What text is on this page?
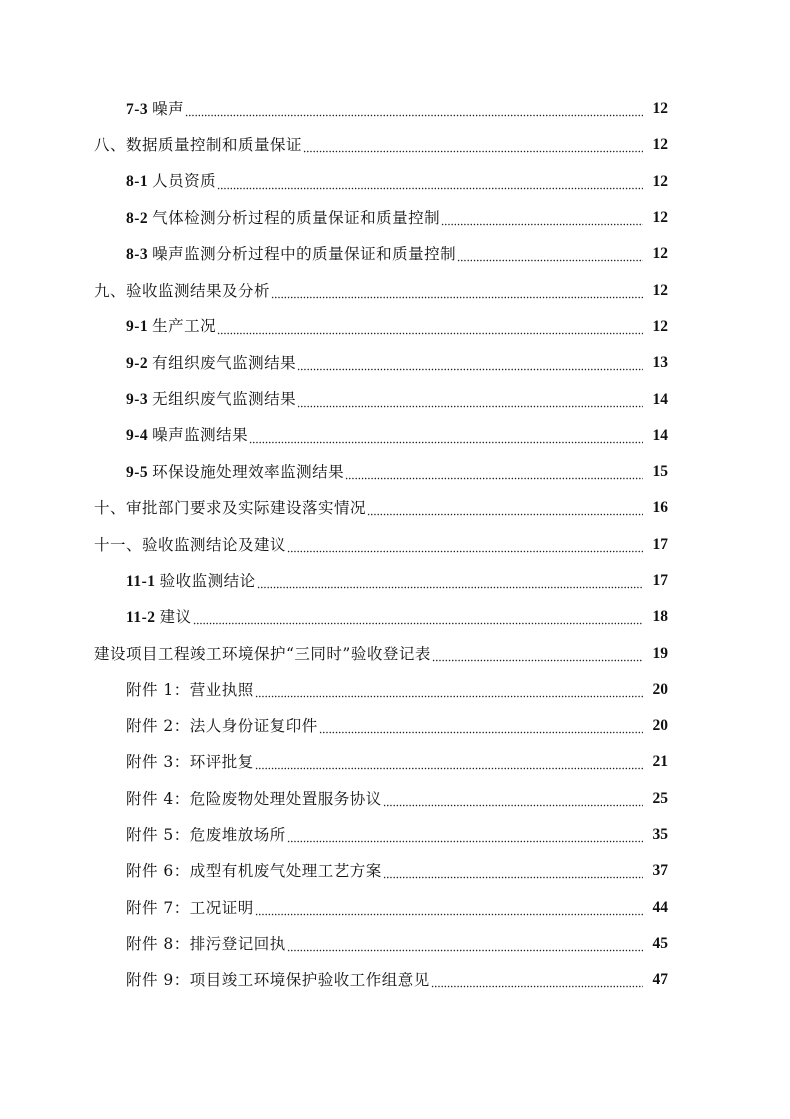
7-3 噪声	12
八、数据质量控制和质量保证	12
8-1 人员资质	12
8-2 气体检测分析过程的质量保证和质量控制	12
8-3 噪声监测分析过程中的质量保证和质量控制	12
九、验收监测结果及分析	12
9-1 生产工况	12
9-2 有组织废气监测结果	13
9-3 无组织废气监测结果	14
9-4 噪声监测结果	14
9-5 环保设施处理效率监测结果	15
十、审批部门要求及实际建设落实情况	16
十一、验收监测结论及建议	17
11-1 验收监测结论	17
11-2 建议	18
建设项目工程竣工环境保护“三同时”验收登记表	19
附件 1：营业执照	20
附件 2：法人身份证复印件	20
附件 3：环评批复	21
附件 4：危险废物处理处置服务协议	25
附件 5：危废堆放场所	35
附件 6：成型有机废气处理工艺方案	37
附件 7：工况证明	44
附件 8：排污登记回执	45
附件 9：项目竣工环境保护验收工作组意见	47
